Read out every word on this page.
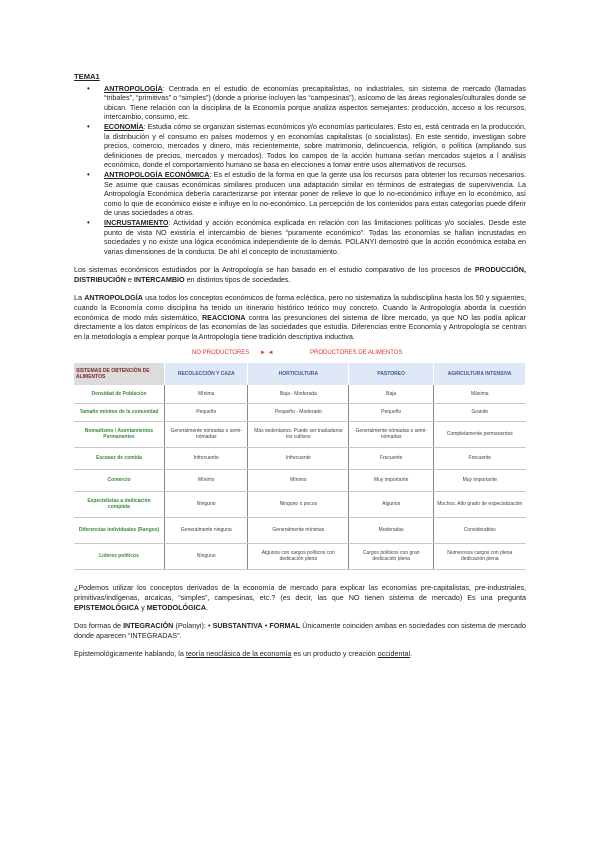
TEMA1
• ANTROPOLOGÍA: Centrada en el estudio de economías precapitalistas, no industriales, sin sistema de mercado (llamadas “tribales”, “primitivas” o “simples”) (donde a priorise incluyen las “campesinas”), asícomo de las áreas regionales/culturales donde se ubican. Tiene relación con la disciplina de la Economía porque analiza aspectos semejantes: producción, acceso a los recursos, intercambio, consumo, etc.
• ECONOMÍA: Estudia cómo se organizan sistemas económicos y/o economías particulares. Esto es, está centrada en la producción, la distribución y el consumo en países modernos y en economías capitalistas (o socialistas). En este sentido, investigan sobre precios, comercio, mercados y dinero, más recientemente, sobre matrimonio, delincuencia, religión, o política (ampliando sus definiciones de precios, mercados y mercados). Todos los campos de la acción humana serían mercados sujetos a l análisis económico, donde el comportamiento humano se basa en elecciones a tomar entre usos alternativos de recursos.
• ANTROPOLOGÍA ECONÓMICA: Es el estudio de la forma en que la gente usa los recursos para obtener los recursos necesarios. Se asume que causas económicas similares producen una adaptación similar en términos de estrategias de supervivencia. La Antropología Económica debería caracterizarse por intentar poner de relieve lo que lo no-económico influye en lo económico, así como lo que de económico existe e influye en lo no-económico. La percepción de los contenidos para estas categorías puede diferir de unas sociedades a otras.
• INCRUSTAMIENTO: Actividad y acción económica explicada en relación con las limitaciones políticas y/o sociales. Desde este punto de vista NO existiría el intercambio de bienes “puramente económico”. Todas las economías se hallan incrustadas en sociedades y no existe una lógica económica independiente de lo demás. POLANYI demostró que la acción económica estaba en varias dimensiones de la conducta. De ahí el concepto de incrustamiento.

Los sistemas económicos estudiados por la Antropología se han basado en el estudio comparativo de los procesos de PRODUCCIÓN, DISTRIBUCIÓN e INTERCAMBIO en distintos tipos de sociedades.

La ANTROPOLOGÍA usa todos los conceptos económicos de forma ecléctica, pero no sistematiza la subdisciplina hasta los 50 y siguientes, cuando la Economía como disciplina ha tenido un itinerario histórico teórico muy concreto. Cuando la Antropología aborda la cuestión económica de modo más sistemático, REACCIONA contra las presunciones del sistema de libre mercado, ya que NO las podía aplicar directamente a los datos empíricos de las economías de las sociedades que estudia. Diferencias entre Economía y Antropología se centran en la metodología a emplear porque la Antropología tiene tradición descriptiva inductiva.

NO PRODUCTORES ► ◄	PRODUCTORES DE ALIMENTOS
SISTEMAS DE OBTENCIÓN DE ALIMENTOS	RECOLECCIÓN Y CAZA	HORTICULTURA	PASTOREO	AGRICULTURA INTENSIVA
Densidad de Población	Mínima	Baja - Moderada	Baja	Máxima
Tamaño mínimo de la comunidad	Pequeño	Pequeño - Moderado	Pequeño	Grande
Nomadismo / Asentamientos Permanentes	Generalmente nómadas o semi-nómadas	Más sedentarios. Puede ser trasladarse los cultivos	Generalmente nómadas o semi-nómadas	Completamente permanentes
Escasez de comida	Infrecuente	Infrecuente	Frecuente	Frecuente
Comercio	Mínimo	Mínimo	Muy importante	Muy importante
Especialistas a dedicación completa	Ninguno	Ninguno o pocos	Algunos	Muchos. Alto grado de especialización
Diferencias individuales (Rangos)	Generalmente ninguna	Generalmente mínimas	Moderadas	Considerables
Líderes políticos	Ninguno	Algunos con cargos políticos con dedicación plena	Cargos políticos con gran dedicación plena	Numerosos cargos con plena dedicación plena

¿Podemos utilizar los conceptos derivados de la economía de mercado para explicar las economías pre-capitalistas, pre-industriales, primitivas/indígenas, arcaicas, “simples”, campesinas, etc.? (es decir, las que NO tienen sistema de mercado) Es una pregunta EPISTEMOLÓGICA y METODOLÓGICA.

Dos formas de INTEGRACIÓN (Polanyi): • SUBSTANTIVA • FORMAL Únicamente coinciden ambas en sociedades con sistema de mercado donde aparecen “INTEGRADAS”.

Epistemológicamente hablando, la teoría neoclásica de la economía es un producto y creación occidental.
